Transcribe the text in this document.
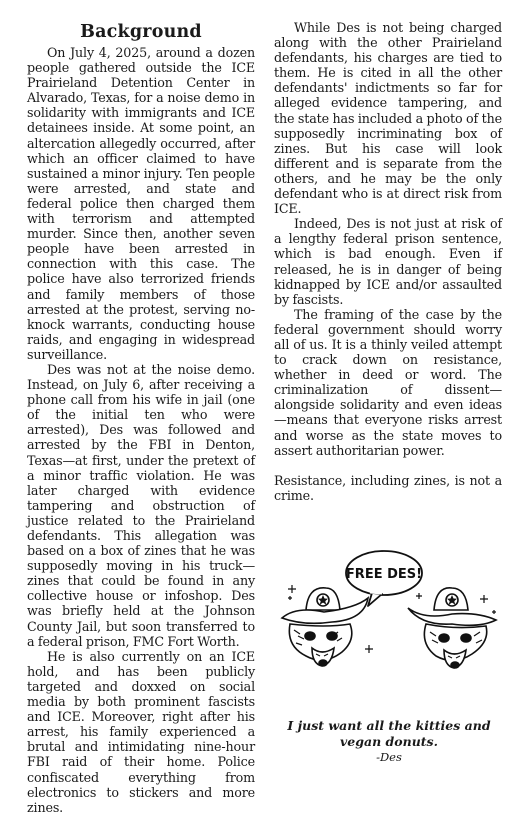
Background

On July 4, 2025, around a dozen people gathered outside the ICE Prairieland Detention Center in Alvarado, Texas, for a noise demo in solidarity with immigrants and ICE detainees inside. At some point, an altercation allegedly occurred, after which an officer claimed to have sustained a minor injury. Ten people were arrested, and state and federal police then charged them with terrorism and attempted murder. Since then, another seven people have been arrested in connection with this case. The police have also terrorized friends and family members of those arrested at the protest, serving no-knock warrants, conducting house raids, and engaging in widespread surveillance.

Des was not at the noise demo. Instead, on July 6, after receiving a phone call from his wife in jail (one of the initial ten who were arrested), Des was followed and arrested by the FBI in Denton, Texas—at first, under the pretext of a minor traffic violation. He was later charged with evidence tampering and obstruction of justice related to the Prairieland defendants. This allegation was based on a box of zines that he was supposedly moving in his truck—zines that could be found in any collective house or infoshop. Des was briefly held at the Johnson County Jail, but soon transferred to a federal prison, FMC Fort Worth.

He is also currently on an ICE hold, and has been publicly targeted and doxxed on social media by both prominent fascists and ICE. Moreover, right after his arrest, his family experienced a brutal and intimidating nine-hour FBI raid of their home. Police confiscated everything from electronics to stickers and more zines.

While Des is not being charged along with the other Prairieland defendants, his charges are tied to them. He is cited in all the other defendants' indictments so far for alleged evidence tampering, and the state has included a photo of the supposedly incriminating box of zines. But his case will look different and is separate from the others, and he may be the only defendant who is at direct risk from ICE.

Indeed, Des is not just at risk of a lengthy federal prison sentence, which is bad enough. Even if released, he is in danger of being kidnapped by ICE and/or assaulted by fascists.

The framing of the case by the federal government should worry all of us. It is a thinly veiled attempt to crack down on resistance, whether in deed or word. The criminalization of dissent—alongside solidarity and even ideas—means that everyone risks arrest and worse as the state moves to assert authoritarian power.

Resistance, including zines, is not a crime.

FREE DES!
I just want all the kitties and vegan donuts.
-Des
